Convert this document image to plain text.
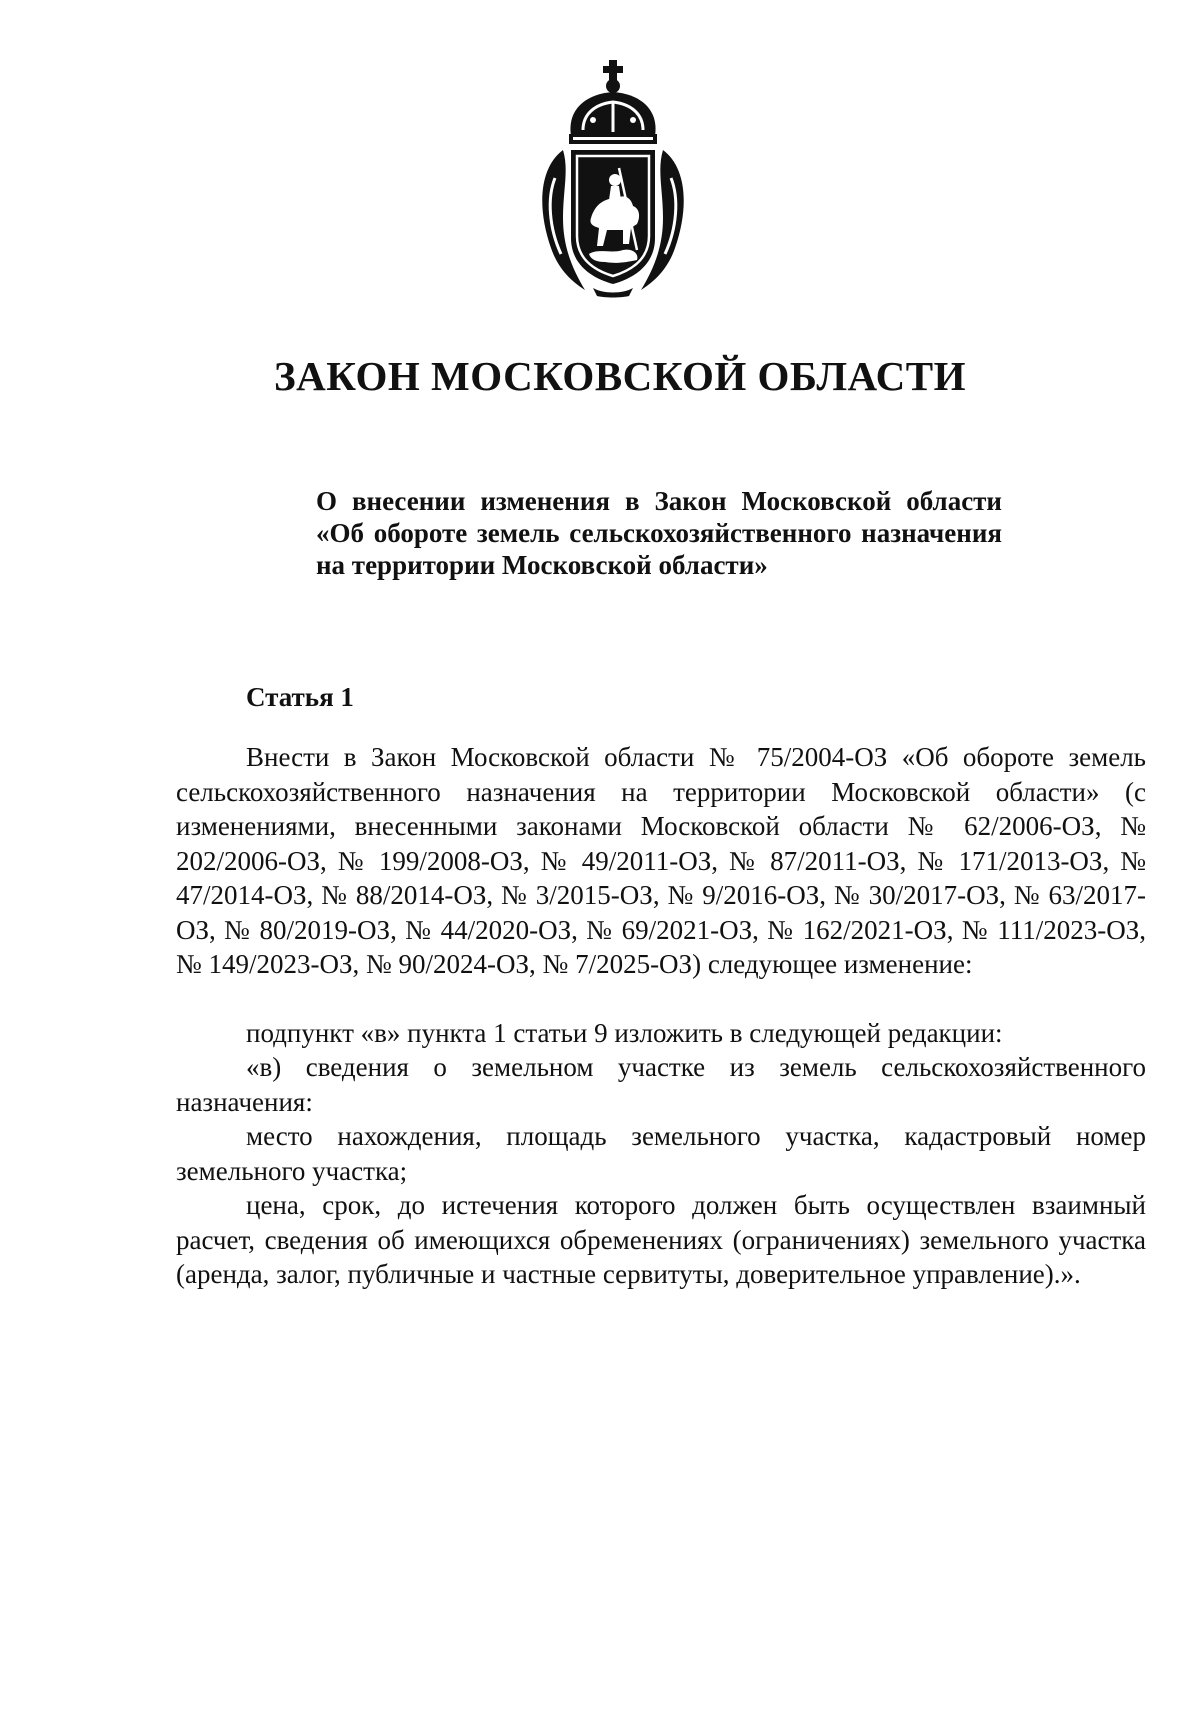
ЗАКОН МОСКОВСКОЙ ОБЛАСТИ

О внесении изменения в Закон Московской области «Об обороте земель сельскохозяйственного назначения на территории Московской области»

Статья 1

Внести в Закон Московской области № 75/2004-ОЗ «Об обороте земель сельскохозяйственного назначения на территории Московской области» (с изменениями, внесенными законами Московской области № 62/2006-ОЗ, № 202/2006-ОЗ, № 199/2008-ОЗ, № 49/2011-ОЗ, № 87/2011-ОЗ, № 171/2013-ОЗ, № 47/2014-ОЗ, № 88/2014-ОЗ, № 3/2015-ОЗ, № 9/2016-ОЗ, № 30/2017-ОЗ, № 63/2017-ОЗ, № 80/2019-ОЗ, № 44/2020-ОЗ, № 69/2021-ОЗ, № 162/2021-ОЗ, № 111/2023-ОЗ, № 149/2023-ОЗ, № 90/2024-ОЗ, № 7/2025-ОЗ) следующее изменение:

подпункт «в» пункта 1 статьи 9 изложить в следующей редакции:

«в) сведения о земельном участке из земель сельскохозяйственного назначения:

место нахождения, площадь земельного участка, кадастровый номер земельного участка;

цена, срок, до истечения которого должен быть осуществлен взаимный расчет, сведения об имеющихся обременениях (ограничениях) земельного участка (аренда, залог, публичные и частные сервитуты, доверительное управление).».
